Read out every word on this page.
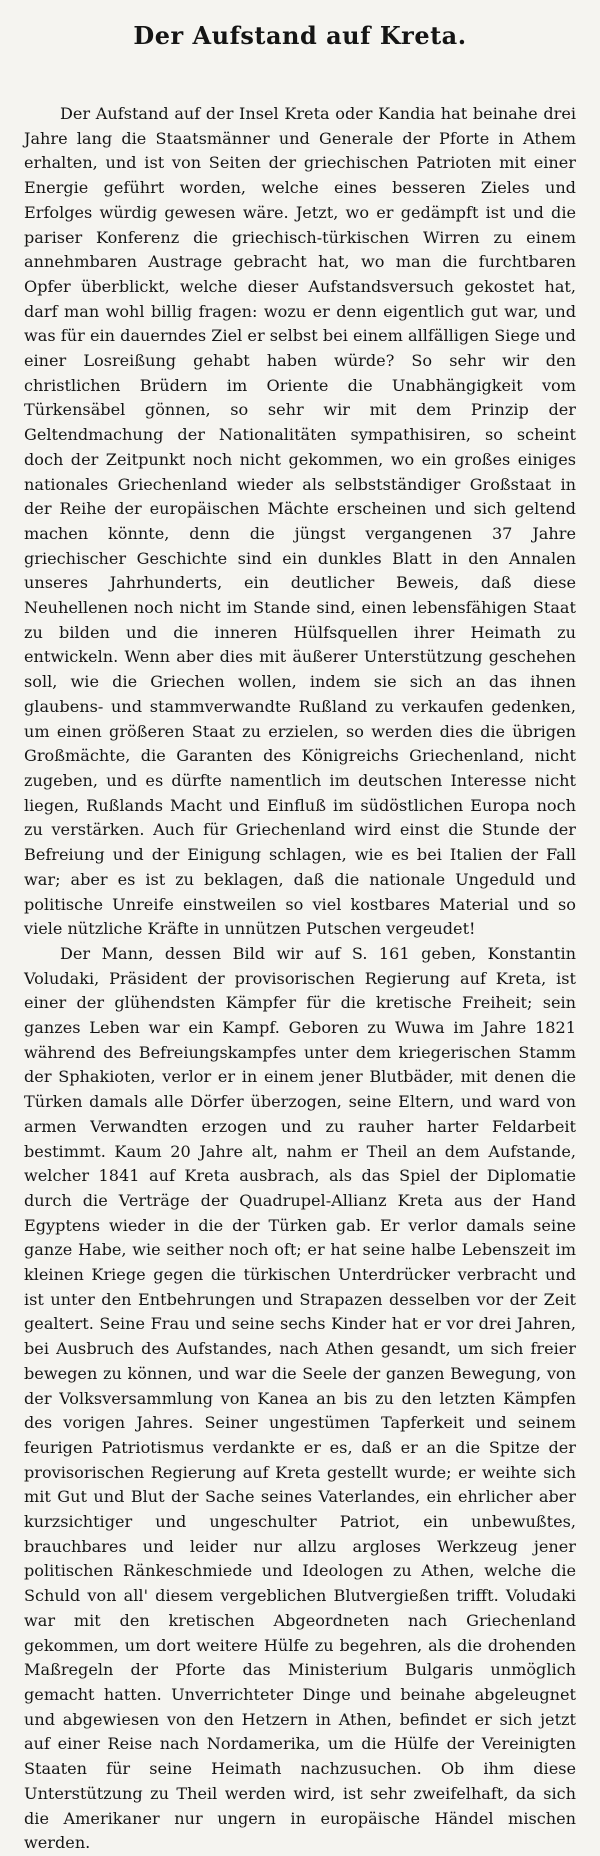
Der Aufstand auf Kreta.

Der Aufstand auf der Insel Kreta oder Kandia hat beinahe drei Jahre lang die Staatsmänner und Generale der Pforte in Athem erhalten, und ist von Seiten der griechischen Patrioten mit einer Energie geführt worden, welche eines besseren Zieles und Erfolges würdig gewesen wäre. Jetzt, wo er gedämpft ist und die pariser Konferenz die griechisch-türkischen Wirren zu einem annehmbaren Austrage gebracht hat, wo man die furchtbaren Opfer überblickt, welche dieser Aufstandsversuch gekostet hat, darf man wohl billig fragen: wozu er denn eigentlich gut war, und was für ein dauerndes Ziel er selbst bei einem allfälligen Siege und einer Losreißung gehabt haben würde? So sehr wir den christlichen Brüdern im Oriente die Unabhängigkeit vom Türkensäbel gönnen, so sehr wir mit dem Prinzip der Geltendmachung der Nationalitäten sympathisiren, so scheint doch der Zeitpunkt noch nicht gekommen, wo ein großes einiges nationales Griechenland wieder als selbstständiger Großstaat in der Reihe der europäischen Mächte erscheinen und sich geltend machen könnte, denn die jüngst vergangenen 37 Jahre griechischer Geschichte sind ein dunkles Blatt in den Annalen unseres Jahrhunderts, ein deutlicher Beweis, daß diese Neuhellenen noch nicht im Stande sind, einen lebensfähigen Staat zu bilden und die inneren Hülfsquellen ihrer Heimath zu entwickeln. Wenn aber dies mit äußerer Unterstützung geschehen soll, wie die Griechen wollen, indem sie sich an das ihnen glaubens- und stammverwandte Rußland zu verkaufen gedenken, um einen größeren Staat zu erzielen, so werden dies die übrigen Großmächte, die Garanten des Königreichs Griechenland, nicht zugeben, und es dürfte namentlich im deutschen Interesse nicht liegen, Rußlands Macht und Einfluß im südöstlichen Europa noch zu verstärken. Auch für Griechenland wird einst die Stunde der Befreiung und der Einigung schlagen, wie es bei Italien der Fall war; aber es ist zu beklagen, daß die nationale Ungeduld und politische Unreife einstweilen so viel kostbares Material und so viele nützliche Kräfte in unnützen Putschen vergeudet!

Der Mann, dessen Bild wir auf S. 161 geben, Konstantin Voludaki, Präsident der provisorischen Regierung auf Kreta, ist einer der glühendsten Kämpfer für die kretische Freiheit; sein ganzes Leben war ein Kampf. Geboren zu Wuwa im Jahre 1821 während des Befreiungskampfes unter dem kriegerischen Stamm der Sphakioten, verlor er in einem jener Blutbäder, mit denen die Türken damals alle Dörfer überzogen, seine Eltern, und ward von armen Verwandten erzogen und zu rauher harter Feldarbeit bestimmt. Kaum 20 Jahre alt, nahm er Theil an dem Aufstande, welcher 1841 auf Kreta ausbrach, als das Spiel der Diplomatie durch die Verträge der Quadrupel-Allianz Kreta aus der Hand Egyptens wieder in die der Türken gab. Er verlor damals seine ganze Habe, wie seither noch oft; er hat seine halbe Lebenszeit im kleinen Kriege gegen die türkischen Unterdrücker verbracht und ist unter den Entbehrungen und Strapazen desselben vor der Zeit gealtert. Seine Frau und seine sechs Kinder hat er vor drei Jahren, bei Ausbruch des Aufstandes, nach Athen gesandt, um sich freier bewegen zu können, und war die Seele der ganzen Bewegung, von der Volksversammlung von Kanea an bis zu den letzten Kämpfen des vorigen Jahres. Seiner ungestümen Tapferkeit und seinem feurigen Patriotismus verdankte er es, daß er an die Spitze der provisorischen Regierung auf Kreta gestellt wurde; er weihte sich mit Gut und Blut der Sache seines Vaterlandes, ein ehrlicher aber kurzsichtiger und ungeschulter Patriot, ein unbewußtes, brauchbares und leider nur allzu argloses Werkzeug jener politischen Ränkeschmiede und Ideologen zu Athen, welche die Schuld von all' diesem vergeblichen Blutvergießen trifft. Voludaki war mit den kretischen Abgeordneten nach Griechenland gekommen, um dort weitere Hülfe zu begehren, als die drohenden Maßregeln der Pforte das Ministerium Bulgaris unmöglich gemacht hatten. Unverrichteter Dinge und beinahe abgeleugnet und abgewiesen von den Hetzern in Athen, befindet er sich jetzt auf einer Reise nach Nordamerika, um die Hülfe der Vereinigten Staaten für seine Heimath nachzusuchen. Ob ihm diese Unterstützung zu Theil werden wird, ist sehr zweifelhaft, da sich die Amerikaner nur ungern in europäische Händel mischen werden.
